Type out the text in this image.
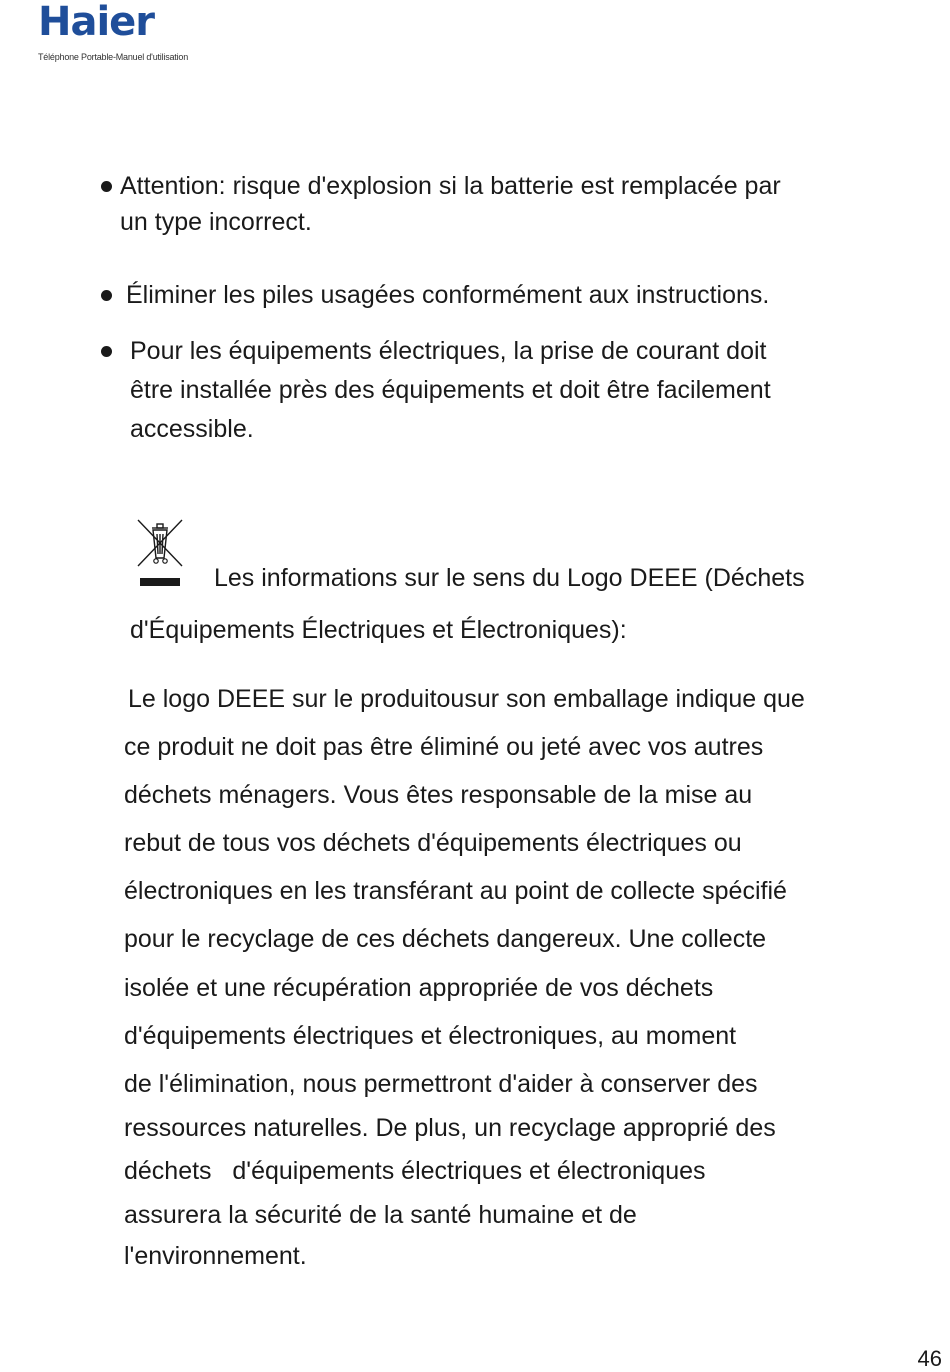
Haier
Téléphone Portable-Manuel d'utilisation
Attention: risque d'explosion si la batterie est remplacée par
un type incorrect.
Éliminer les piles usagées conformément aux instructions.
Pour les équipements électriques, la prise de courant doit
être installée près des équipements et doit être facilement
accessible.
Les informations sur le sens du Logo DEEE (Déchets
d'Équipements Électriques et Électroniques):
Le logo DEEE sur le produitousur son emballage indique que
ce produit ne doit pas être éliminé ou jeté avec vos autres
déchets ménagers. Vous êtes responsable de la mise au
rebut de tous vos déchets d'équipements électriques ou
électroniques en les transférant au point de collecte spécifié
pour le recyclage de ces déchets dangereux. Une collecte
isolée et une récupération appropriée de vos déchets
d'équipements électriques et électroniques, au moment
de l'élimination, nous permettront d'aider à conserver des
ressources naturelles. De plus, un recyclage approprié des
déchets   d'équipements électriques et électroniques
assurera la sécurité de la santé humaine et de
l'environnement.
46
